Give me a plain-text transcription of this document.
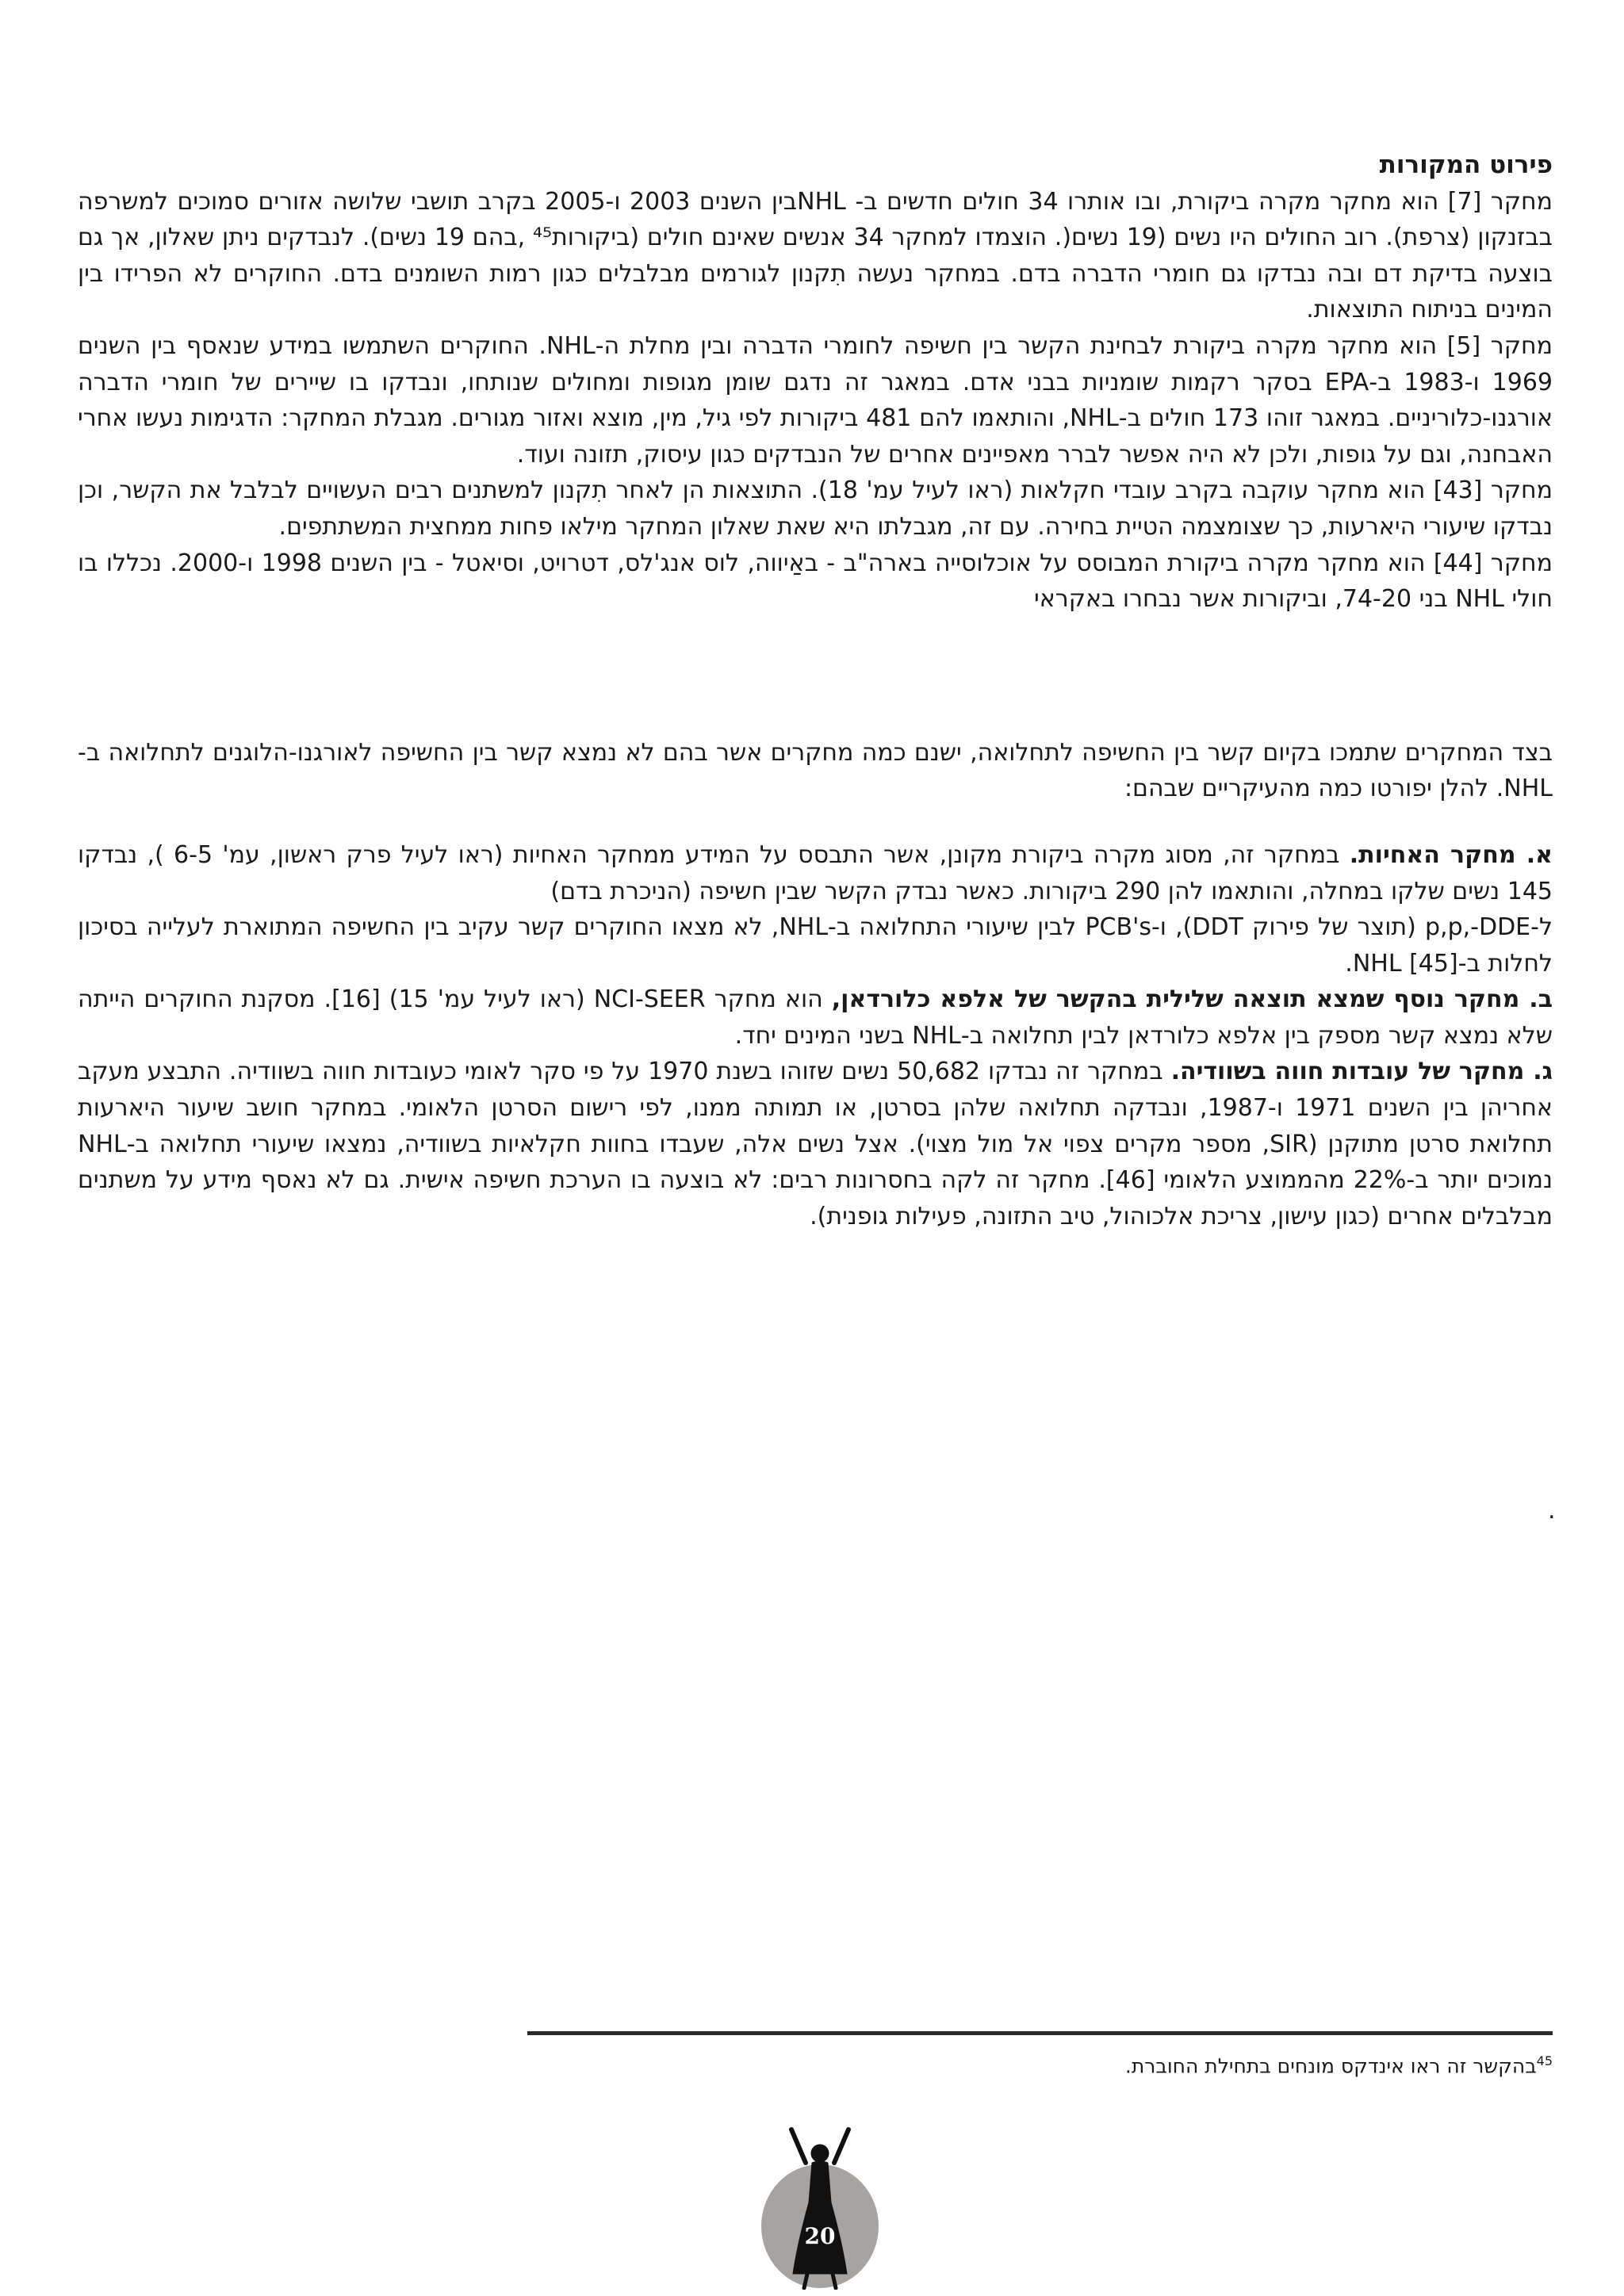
פירוט המקורות

מחקר [7] הוא מחקר מקרה ביקורת, ובו אותרו 34 חולים חדשים ב- NHLבין השנים 2003 ו-2005 בקרב תושבי שלושה אזורים סמוכים למשרפה בבזנקון (צרפת). רוב החולים היו נשים (19 נשים(. הוצמדו למחקר 34 אנשים שאינם חולים (ביקורות⁴⁵ ,בהם 19 נשים). לנבדקים ניתן שאלון, אך גם בוצעה בדיקת דם ובה נבדקו גם חומרי הדברה בדם. במחקר נעשה תִקנון לגורמים מבלבלים כגון רמות השומנים בדם. החוקרים לא הפרידו בין המינים בניתוח התוצאות.

מחקר [5] הוא מחקר מקרה ביקורת לבחינת הקשר בין חשיפה לחומרי הדברה ובין מחלת ה-NHL. החוקרים השתמשו במידע שנאסף בין השנים 1969 ו-1983 ב-EPA בסקר רקמות שומניות בבני אדם. במאגר זה נדגם שומן מגופות ומחולים שנותחו, ונבדקו בו שיירים של חומרי הדברה אורגנו-כלוריניים. במאגר זוהו 173 חולים ב-NHL, והותאמו להם 481 ביקורות לפי גיל, מין, מוצא ואזור מגורים. מגבלת המחקר: הדגימות נעשו אחרי האבחנה, וגם על גופות, ולכן לא היה אפשר לברר מאפיינים אחרים של הנבדקים כגון עיסוק, תזונה ועוד.

מחקר [43] הוא מחקר עוקבה בקרב עובדי חקלאות (ראו לעיל עמ' 18). התוצאות הן לאחר תִקנון למשתנים רבים העשויים לבלבל את הקשר, וכן נבדקו שיעורי היארעות, כך שצומצמה הטיית בחירה. עם זה, מגבלתו היא שאת שאלון המחקר מילאו פחות ממחצית המשתתפים.

מחקר [44] הוא מחקר מקרה ביקורת המבוסס על אוכלוסייה בארה"ב - באַיווה, לוס אנג'לס, דטרויט, וסיאטל - בין השנים 1998 ו-2000. נכללו בו חולי NHL בני 74-20, וביקורות אשר נבחרו באקראי

בצד המחקרים שתמכו בקיום קשר בין החשיפה לתחלואה, ישנם כמה מחקרים אשר בהם לא נמצא קשר בין החשיפה לאורגנו-הלוגנים לתחלואה ב-NHL. להלן יפורטו כמה מהעיקריים שבהם:

א. מחקר האחיות. במחקר זה, מסוג מקרה ביקורת מקונן, אשר התבסס על המידע ממחקר האחיות (ראו לעיל פרק ראשון, עמ' 6-5 ), נבדקו 145 נשים שלקו במחלה, והותאמו להן 290 ביקורות. כאשר נבדק הקשר שבין חשיפה (הניכרת בדם)

ל-p,p,-DDE (תוצר של פירוק DDT), ו-PCB's לבין שיעורי התחלואה ב-NHL, לא מצאו החוקרים קשר עקיב בין החשיפה המתוארת לעלייה בסיכון לחלות ב-[45] NHL.

ב. מחקר נוסף שמצא תוצאה שלילית בהקשר של אלפא כלורדאן, הוא מחקר NCI-SEER (ראו לעיל עמ' 15) [16]. מסקנת החוקרים הייתה שלא נמצא קשר מספק בין אלפא כלורדאן לבין תחלואה ב-NHL בשני המינים יחד.

ג. מחקר של עובדות חווה בשוודיה. במחקר זה נבדקו 50,682 נשים שזוהו בשנת 1970 על פי סקר לאומי כעובדות חווה בשוודיה. התבצע מעקב אחריהן בין השנים 1971 ו-1987, ונבדקה תחלואה שלהן בסרטן, או תמותה ממנו, לפי רישום הסרטן הלאומי. במחקר חושב שיעור היארעות תחלואת סרטן מתוקנן (SIR, מספר מקרים צפוי אל מול מצוי). אצל נשים אלה, שעבדו בחוות חקלאיות בשוודיה, נמצאו שיעורי תחלואה ב-NHL נמוכים יותר ב-22% מהממוצע הלאומי [46]. מחקר זה לקה בחסרונות רבים: לא בוצעה בו הערכת חשיפה אישית. גם לא נאסף מידע על משתנים מבלבלים אחרים (כגון עישון, צריכת אלכוהול, טיב התזונה, פעילות גופנית).

.
$^{45}$בהקשר זה ראו אינדקס מונחים בתחילת החוברת.
20
